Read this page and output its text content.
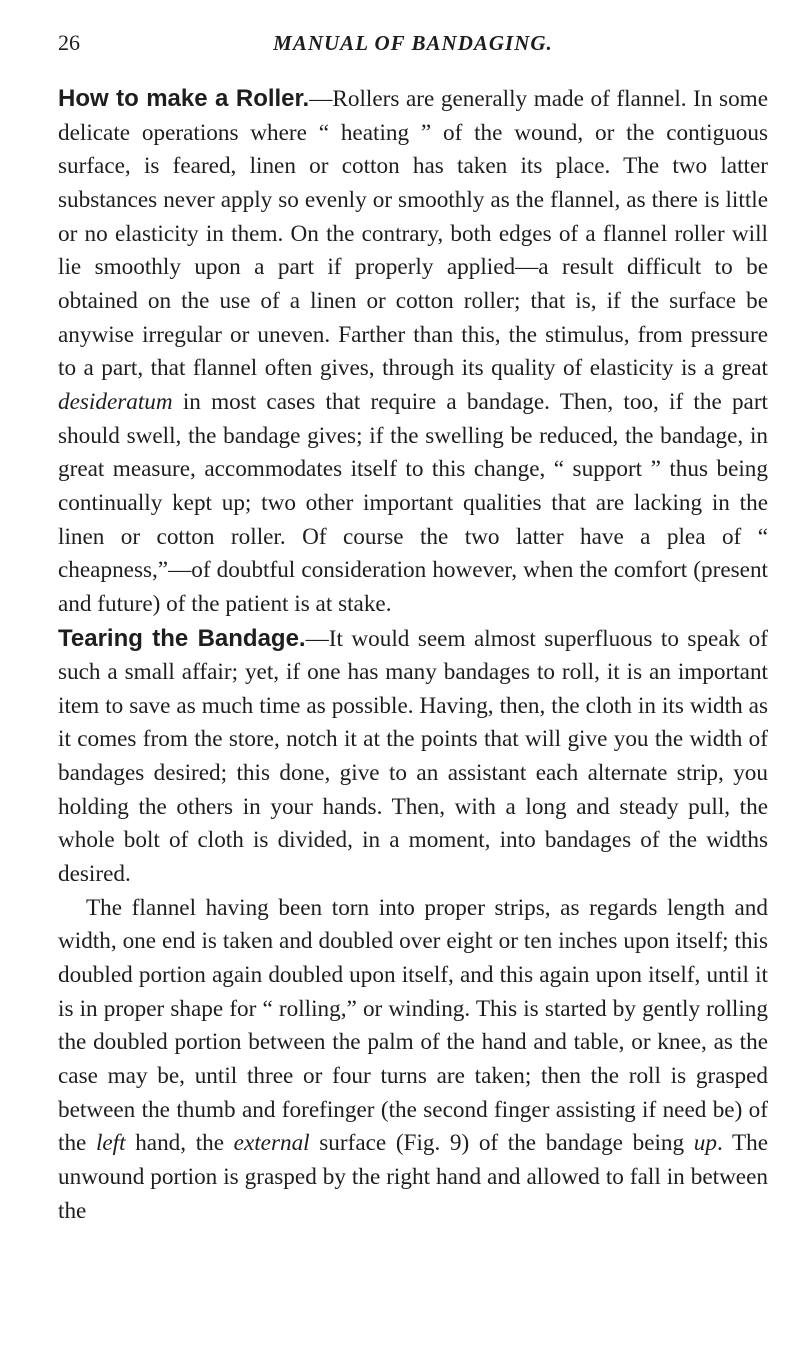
26	MANUAL OF BANDAGING.

How to make a Roller.—Rollers are generally made of flannel. In some delicate operations where “ heating ” of the wound, or the contiguous surface, is feared, linen or cotton has taken its place. The two latter substances never apply so evenly or smoothly as the flannel, as there is little or no elasticity in them. On the contrary, both edges of a flannel roller will lie smoothly upon a part if properly applied—a result difficult to be obtained on the use of a linen or cotton roller; that is, if the surface be anywise irregular or uneven. Farther than this, the stimulus, from pressure to a part, that flannel often gives, through its quality of elasticity is a great desideratum in most cases that require a bandage. Then, too, if the part should swell, the bandage gives; if the swelling be reduced, the bandage, in great measure, accommodates itself to this change, “ support ” thus being continually kept up; two other important qualities that are lacking in the linen or cotton roller. Of course the two latter have a plea of “ cheapness,”—of doubtful consideration however, when the comfort (present and future) of the patient is at stake.

Tearing the Bandage.—It would seem almost superfluous to speak of such a small affair; yet, if one has many bandages to roll, it is an important item to save as much time as possible. Having, then, the cloth in its width as it comes from the store, notch it at the points that will give you the width of bandages desired; this done, give to an assistant each alternate strip, you holding the others in your hands. Then, with a long and steady pull, the whole bolt of cloth is divided, in a moment, into bandages of the widths desired.

The flannel having been torn into proper strips, as regards length and width, one end is taken and doubled over eight or ten inches upon itself; this doubled portion again doubled upon itself, and this again upon itself, until it is in proper shape for “ rolling,” or winding. This is started by gently rolling the doubled portion between the palm of the hand and table, or knee, as the case may be, until three or four turns are taken; then the roll is grasped between the thumb and forefinger (the second finger assisting if need be) of the left hand, the external surface (Fig. 9) of the bandage being up. The unwound portion is grasped by the right hand and allowed to fall in between the
